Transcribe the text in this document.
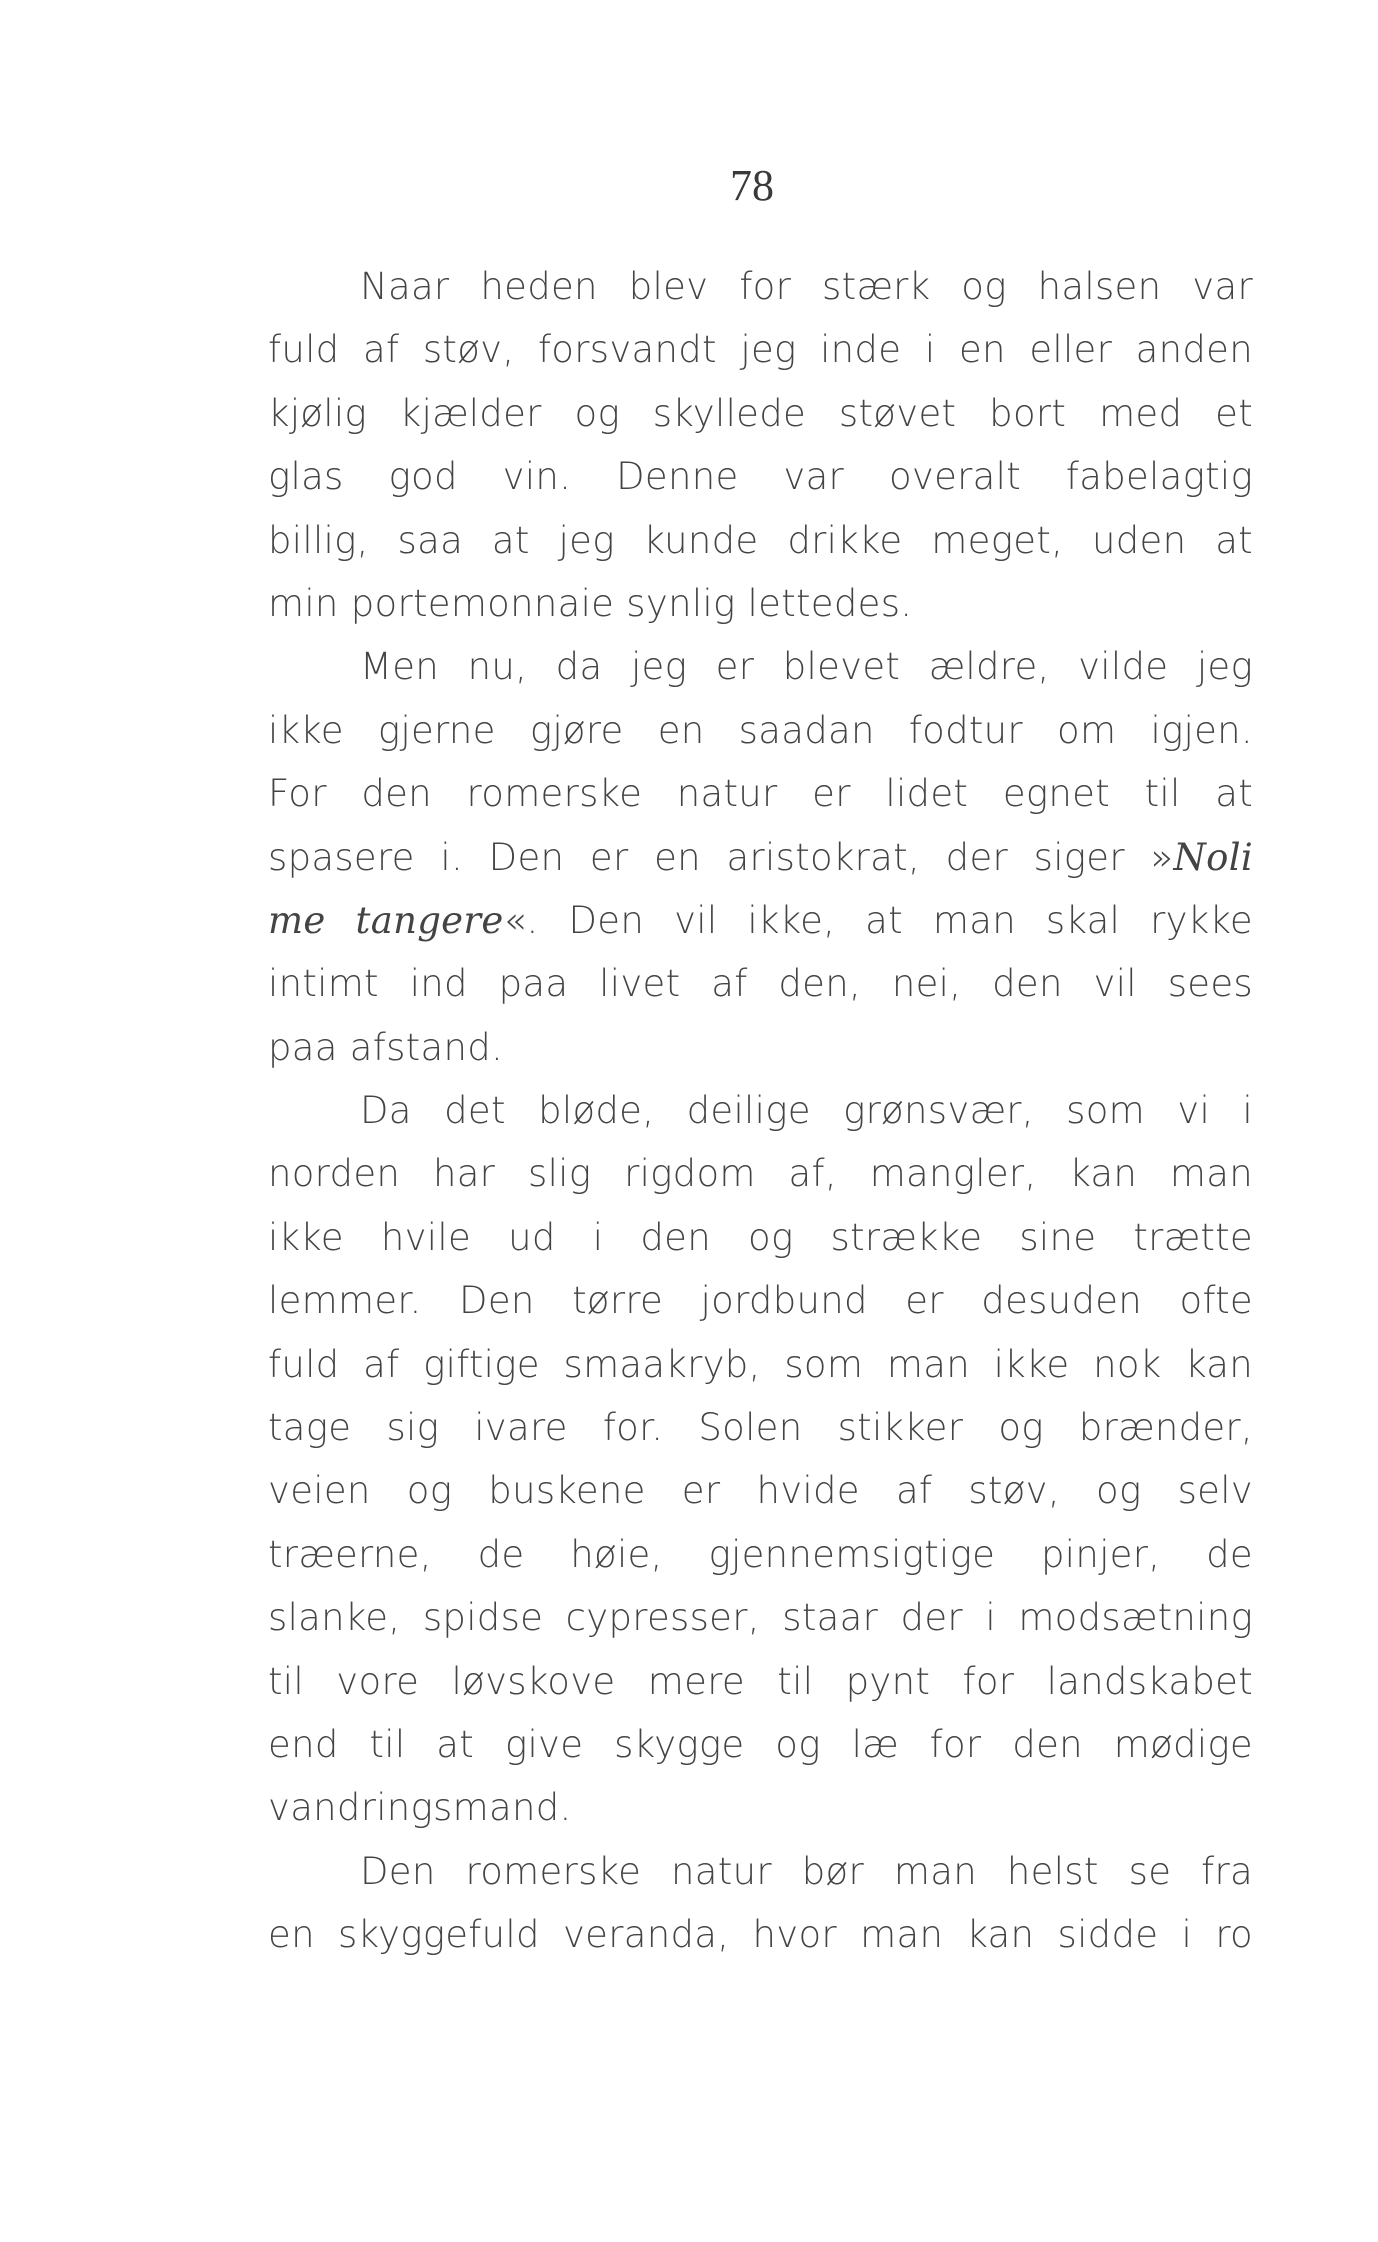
78
Naar heden blev for stærk og halsen var
fuld af støv, forsvandt jeg inde i en eller anden
kjølig kjælder og skyllede støvet bort med et
glas god vin. Denne var overalt fabelagtig
billig, saa at jeg kunde drikke meget, uden at
min portemonnaie synlig lettedes.
Men nu, da jeg er blevet ældre, vilde jeg
ikke gjerne gjøre en saadan fodtur om igjen.
For den romerske natur er lidet egnet til at
spasere i. Den er en aristokrat, der siger »Noli
me tangere«. Den vil ikke, at man skal rykke
intimt ind paa livet af den, nei, den vil sees
paa afstand.
Da det bløde, deilige grønsvær, som vi i
norden har slig rigdom af, mangler, kan man
ikke hvile ud i den og strække sine trætte
lemmer. Den tørre jordbund er desuden ofte
fuld af giftige smaakryb, som man ikke nok kan
tage sig ivare for. Solen stikker og brænder,
veien og buskene er hvide af støv, og selv
træerne, de høie, gjennemsigtige pinjer, de
slanke, spidse cypresser, staar der i modsætning
til vore løvskove mere til pynt for landskabet
end til at give skygge og læ for den mødige
vandringsmand.
Den romerske natur bør man helst se fra
en skyggefuld veranda, hvor man kan sidde i ro
